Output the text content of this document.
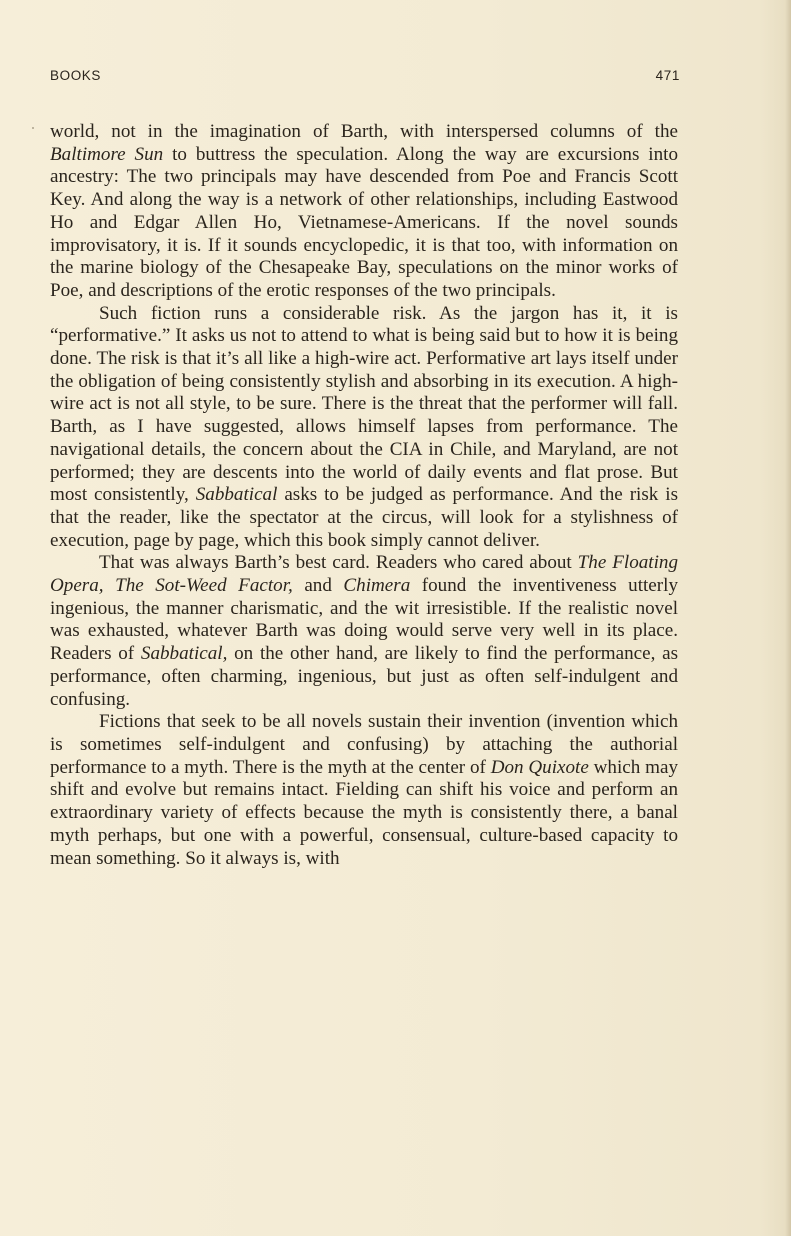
BOOKS	471

world, not in the imagination of Barth, with interspersed columns of the Baltimore Sun to buttress the speculation. Along the way are excursions into ancestry: The two principals may have descended from Poe and Francis Scott Key. And along the way is a network of other relationships, including Eastwood Ho and Edgar Allen Ho, Vietnamese-Americans. If the novel sounds improvisatory, it is. If it sounds encyclopedic, it is that too, with information on the marine biology of the Chesapeake Bay, speculations on the minor works of Poe, and descriptions of the erotic responses of the two principals.

Such fiction runs a considerable risk. As the jargon has it, it is “performative.” It asks us not to attend to what is being said but to how it is being done. The risk is that it’s all like a high-wire act. Performative art lays itself under the obligation of being consistently stylish and absorbing in its execution. A high-wire act is not all style, to be sure. There is the threat that the performer will fall. Barth, as I have suggested, allows himself lapses from performance. The navigational details, the concern about the CIA in Chile, and Maryland, are not performed; they are descents into the world of daily events and flat prose. But most consistently, Sabbatical asks to be judged as performance. And the risk is that the reader, like the spectator at the circus, will look for a stylishness of execution, page by page, which this book simply cannot deliver.

That was always Barth’s best card. Readers who cared about The Floating Opera, The Sot-Weed Factor, and Chimera found the inventiveness utterly ingenious, the manner charismatic, and the wit irresistible. If the realistic novel was exhausted, whatever Barth was doing would serve very well in its place. Readers of Sabbatical, on the other hand, are likely to find the performance, as performance, often charming, ingenious, but just as often self-indulgent and confusing.

Fictions that seek to be all novels sustain their invention (invention which is sometimes self-indulgent and confusing) by attaching the authorial performance to a myth. There is the myth at the center of Don Quixote which may shift and evolve but remains intact. Fielding can shift his voice and perform an extraordinary variety of effects because the myth is consistently there, a banal myth perhaps, but one with a powerful, consensual, culture-based capacity to mean something. So it always is, with
